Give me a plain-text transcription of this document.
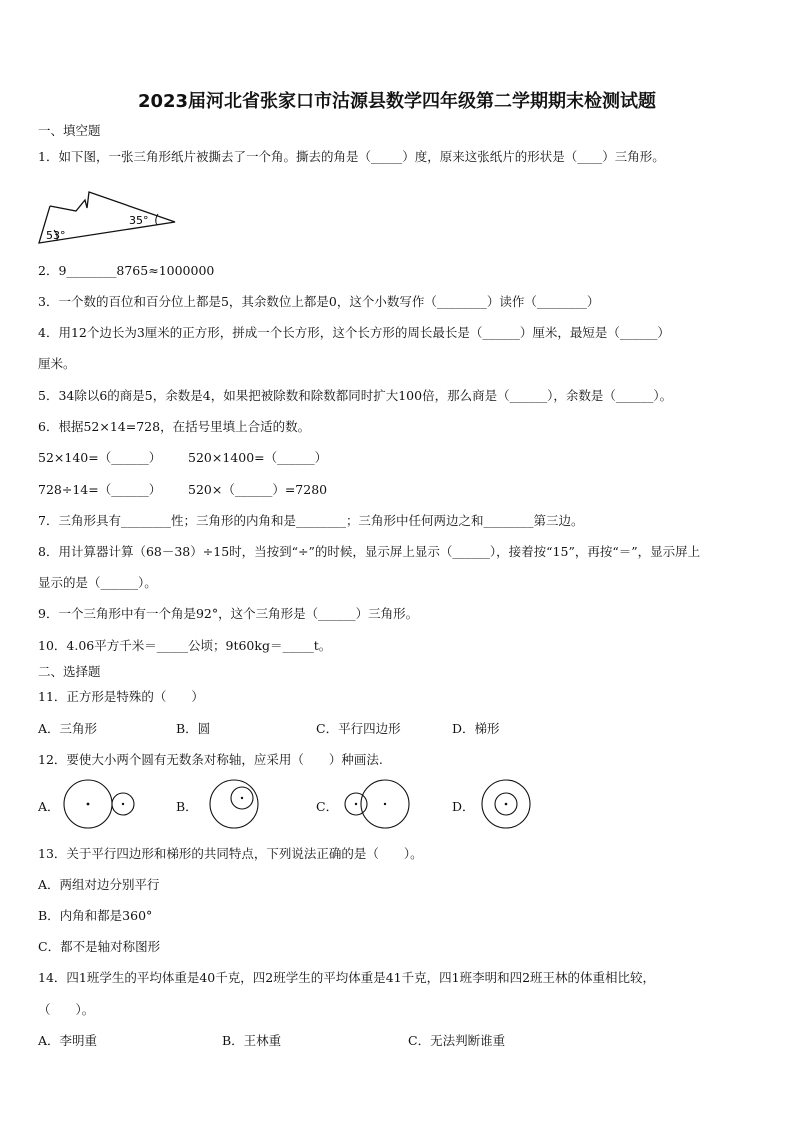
2023届河北省张家口市沽源县数学四年级第二学期期末检测试题
一、填空题
1．如下图，一张三角形纸片被撕去了一个角。撕去的角是（_____）度，原来这张纸片的形状是（____）三角形。
53°
35°
2．9________8765≈1000000
3．一个数的百位和百分位上都是5，其余数位上都是0，这个小数写作（________）读作（________）
4．用12个边长为3厘米的正方形，拼成一个长方形，这个长方形的周长最长是（______）厘米，最短是（______）
厘米。
5．34除以6的商是5，余数是4，如果把被除数和除数都同时扩大100倍，那么商是（______），余数是（______）。
6．根据52×14=728，在括号里填上合适的数。
52×140=（______） 520×1400=（______）
728÷14=（______） 520×（______）=7280
7．三角形具有________性；三角形的内角和是________；三角形中任何两边之和________第三边。
8．用计算器计算（68－38）÷15时，当按到“÷”的时候，显示屏上显示（______），接着按“15”，再按“＝”，显示屏上
显示的是（______）。
9．一个三角形中有一个角是92°，这个三角形是（______）三角形。
10．4.06平方千米＝_____公顷；9t60kg＝_____t。
二、选择题
11．正方形是特殊的（　　）
A．三角形	B．圆	C．平行四边形	D．梯形
12．要使大小两个圆有无数条对称轴，应采用（　　）种画法.
A．	B．	C．	D．
13．关于平行四边形和梯形的共同特点，下列说法正确的是（　　）。
A．两组对边分别平行
B．内角和都是360°
C．都不是轴对称图形
14．四1班学生的平均体重是40千克，四2班学生的平均体重是41千克，四1班李明和四2班王林的体重相比较，
（　　）。
A．李明重	B．王林重	C．无法判断谁重
